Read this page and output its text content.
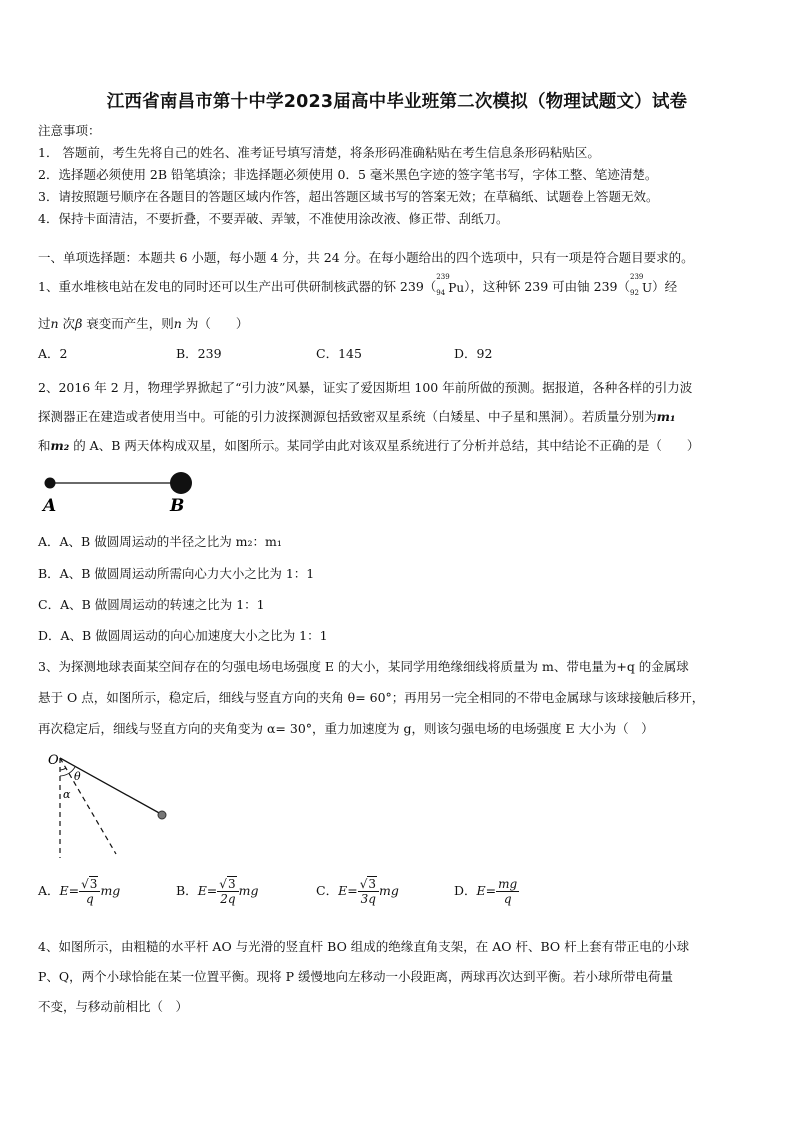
江西省南昌市第十中学2023届高中毕业班第二次模拟（物理试题文）试卷
注意事项：
1． 答题前，考生先将自己的姓名、准考证号填写清楚，将条形码准确粘贴在考生信息条形码粘贴区。
2．选择题必须使用 2B 铅笔填涂；非选择题必须使用 0．5 毫米黑色字迹的签字笔书写，字体工整、笔迹清楚。
3．请按照题号顺序在各题目的答题区域内作答，超出答题区域书写的答案无效；在草稿纸、试题卷上答题无效。
4．保持卡面清洁，不要折叠，不要弄破、弄皱，不准使用涂改液、修正带、刮纸刀。
一、单项选择题：本题共 6 小题，每小题 4 分，共 24 分。在每小题给出的四个选项中，只有一项是符合题目要求的。
1、重水堆核电站在发电的同时还可以生产出可供研制核武器的钚 239（
239
94 Pu），这种钚 239 可由铀 239（
239
92 U）经
过n 次β 衰变而产生，则n 为（　　）
A．2	B．239	C．145	D．92
2、2016 年 2 月，物理学界掀起了“引力波”风暴，证实了爱因斯坦 100 年前所做的预测。据报道，各种各样的引力波
探测器正在建造或者使用当中。可能的引力波探测源包括致密双星系统（白矮星、中子星和黑洞）。若质量分别为m₁
和m₂ 的 A、B 两天体构成双星，如图所示。某同学由此对该双星系统进行了分析并总结，其中结论不正确的是（　　）
A	B
A．A、B 做圆周运动的半径之比为 m₂：m₁
B．A、B 做圆周运动所需向心力大小之比为 1：1
C．A、B 做圆周运动的转速之比为 1：1
D．A、B 做圆周运动的向心加速度大小之比为 1：1
3、为探测地球表面某空间存在的匀强电场电场强度 E 的大小，某同学用绝缘细线将质量为 m、带电量为+q 的金属球
悬于 O 点，如图所示，稳定后，细线与竖直方向的夹角 θ= 60°；再用另一完全相同的不带电金属球与该球接触后移开，
再次稳定后，细线与竖直方向的夹角变为 α= 30°，重力加速度为 g，则该匀强电场的电场强度 E 大小为（　）
O
θ
α
A．$E= \frac{√3}{q}$ mg	B．$E= \frac{√3}{2q}$ mg	C．$E= \frac{√3}{3q}$ mg	D．$E= \frac{mg}{q}$
4、如图所示，由粗糙的水平杆 AO 与光滑的竖直杆 BO 组成的绝缘直角支架，在 AO 杆、BO 杆上套有带正电的小球
P、Q，两个小球恰能在某一位置平衡。现将 P 缓慢地向左移动一小段距离，两球再次达到平衡。若小球所带电荷量
不变，与移动前相比（　）
